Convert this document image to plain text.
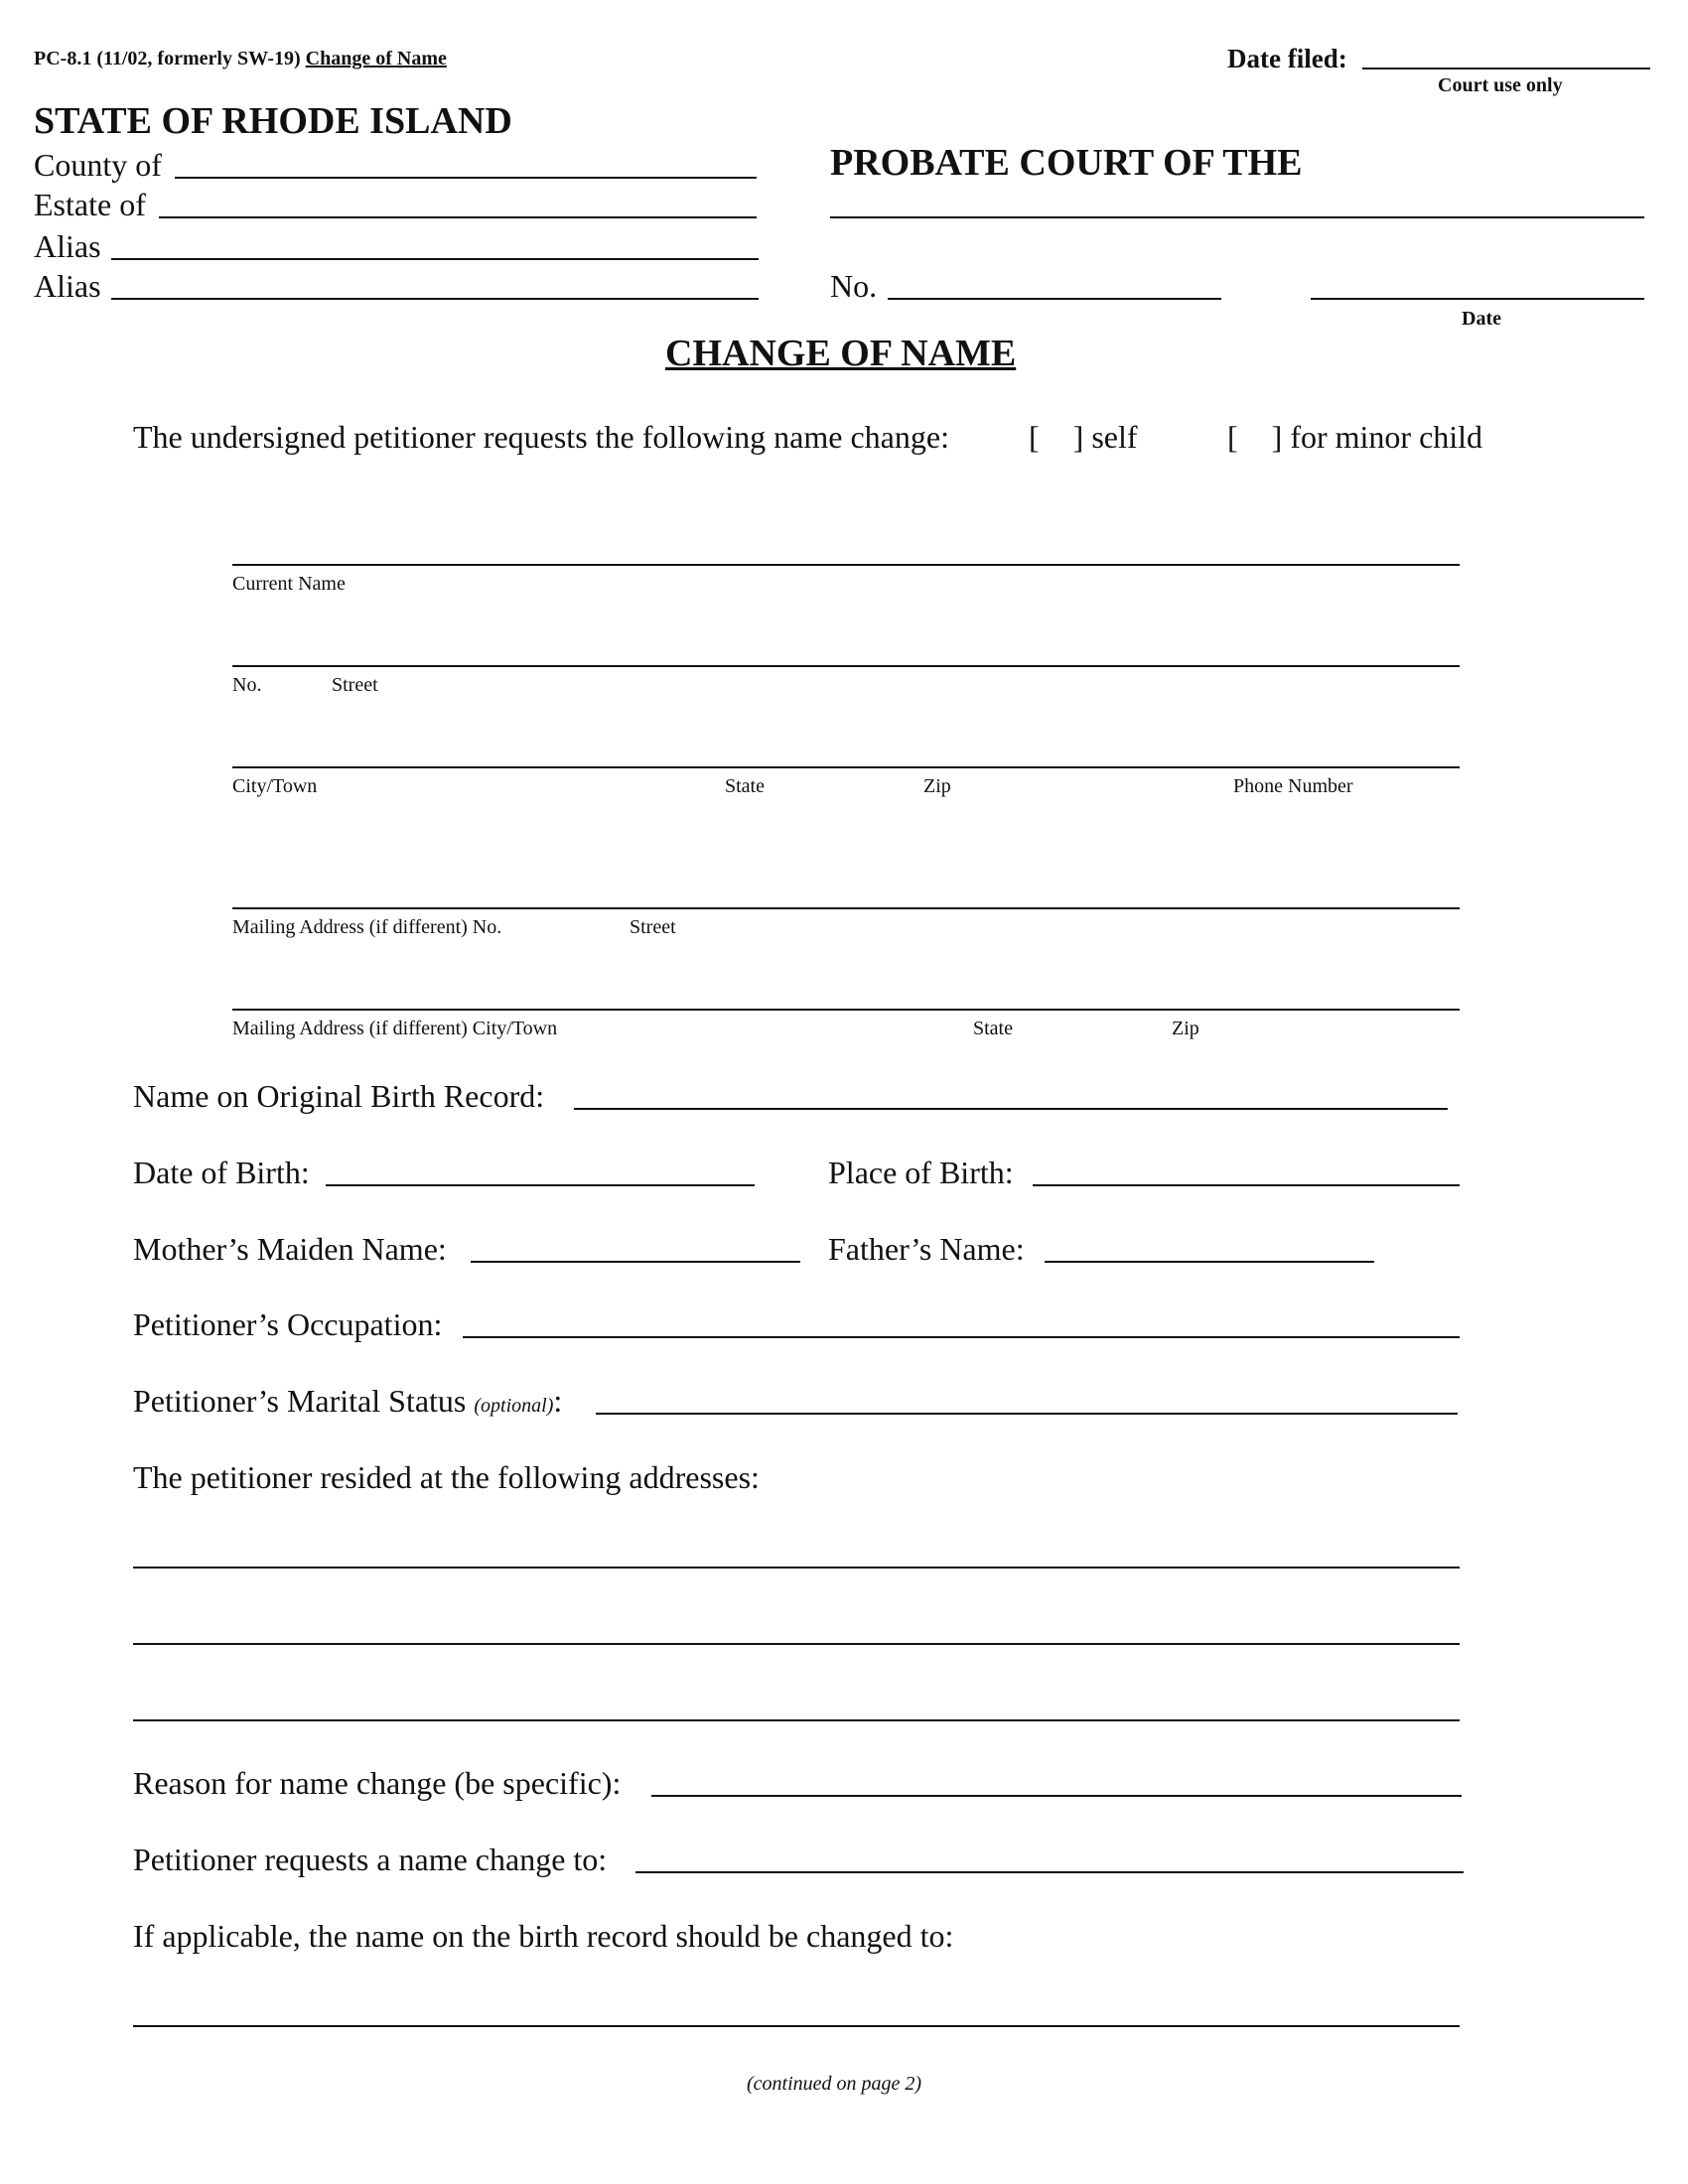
PC-8.1 (11/02, formerly SW-19) Change of Name	Date filed:
Court use only
STATE OF RHODE ISLAND
County of
Estate of
Alias
Alias
PROBATE COURT OF THE
No.
Date
CHANGE OF NAME
The undersigned petitioner requests the following name change:	[ ] self	[ ] for minor child
Current Name
No.	Street
City/Town	State	Zip	Phone Number
Mailing Address (if different) No.	Street
Mailing Address (if different) City/Town	State	Zip
Name on Original Birth Record:
Date of Birth:	Place of Birth:
Mother’s Maiden Name:	Father’s Name:
Petitioner’s Occupation:
Petitioner’s Marital Status (optional):
The petitioner resided at the following addresses:
Reason for name change (be specific):
Petitioner requests a name change to:
If applicable, the name on the birth record should be changed to:
(continued on page 2)
